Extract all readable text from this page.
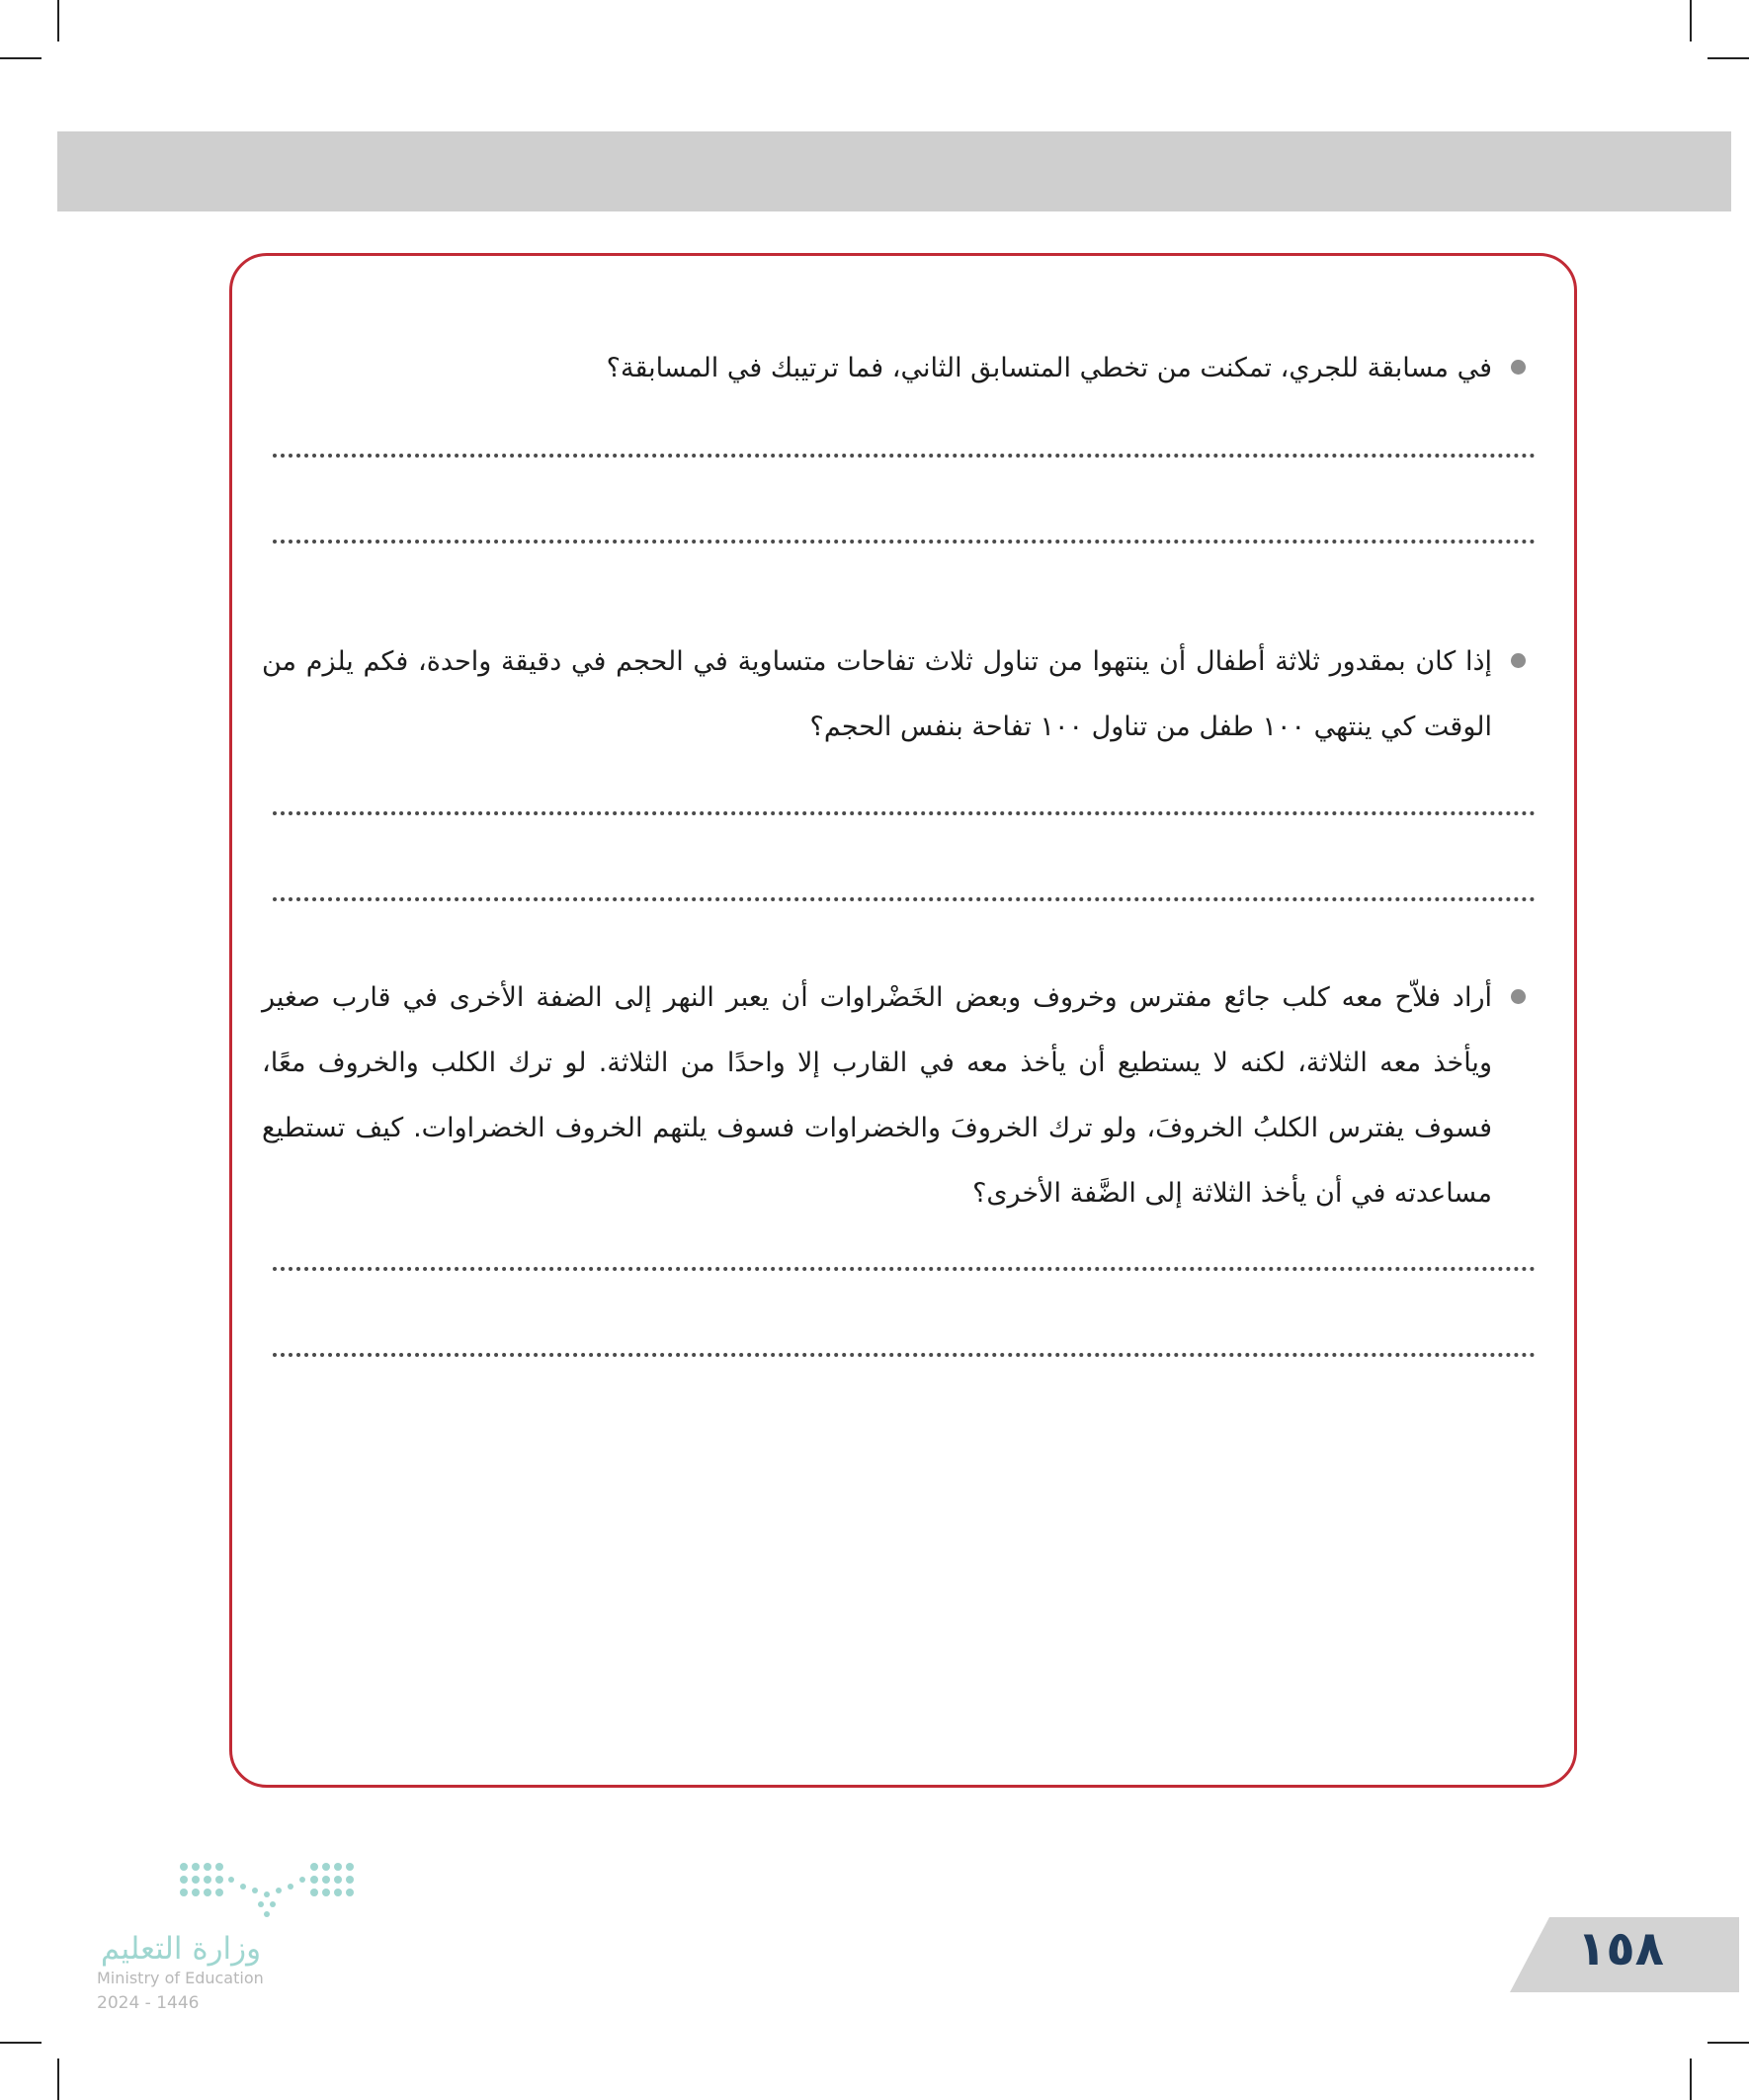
في مسابقة للجري، تمكنت من تخطي المتسابق الثاني، فما ترتيبك في المسابقة؟
إذا كان بمقدور ثلاثة أطفال أن ينتهوا من تناول ثلاث تفاحات متساوية في الحجم في دقيقة واحدة، فكم يلزم من الوقت كي ينتهي ١٠٠ طفل من تناول ١٠٠ تفاحة بنفس الحجم؟
أراد فلاّح معه كلب جائع مفترس وخروف وبعض الخَضْراوات أن يعبر النهر إلى الضفة الأخرى في قارب صغير ويأخذ معه الثلاثة، لكنه لا يستطيع أن يأخذ معه في القارب إلا واحدًا من الثلاثة. لو ترك الكلب والخروف معًا، فسوف يفترس الكلبُ الخروفَ، ولو ترك الخروفَ والخضراوات فسوف يلتهم الخروف الخضراوات. كيف تستطيع مساعدته في أن يأخذ الثلاثة إلى الضَّفة الأخرى؟
وزارة التعليم
Ministry of Education
2024 - 1446
١٥٨
